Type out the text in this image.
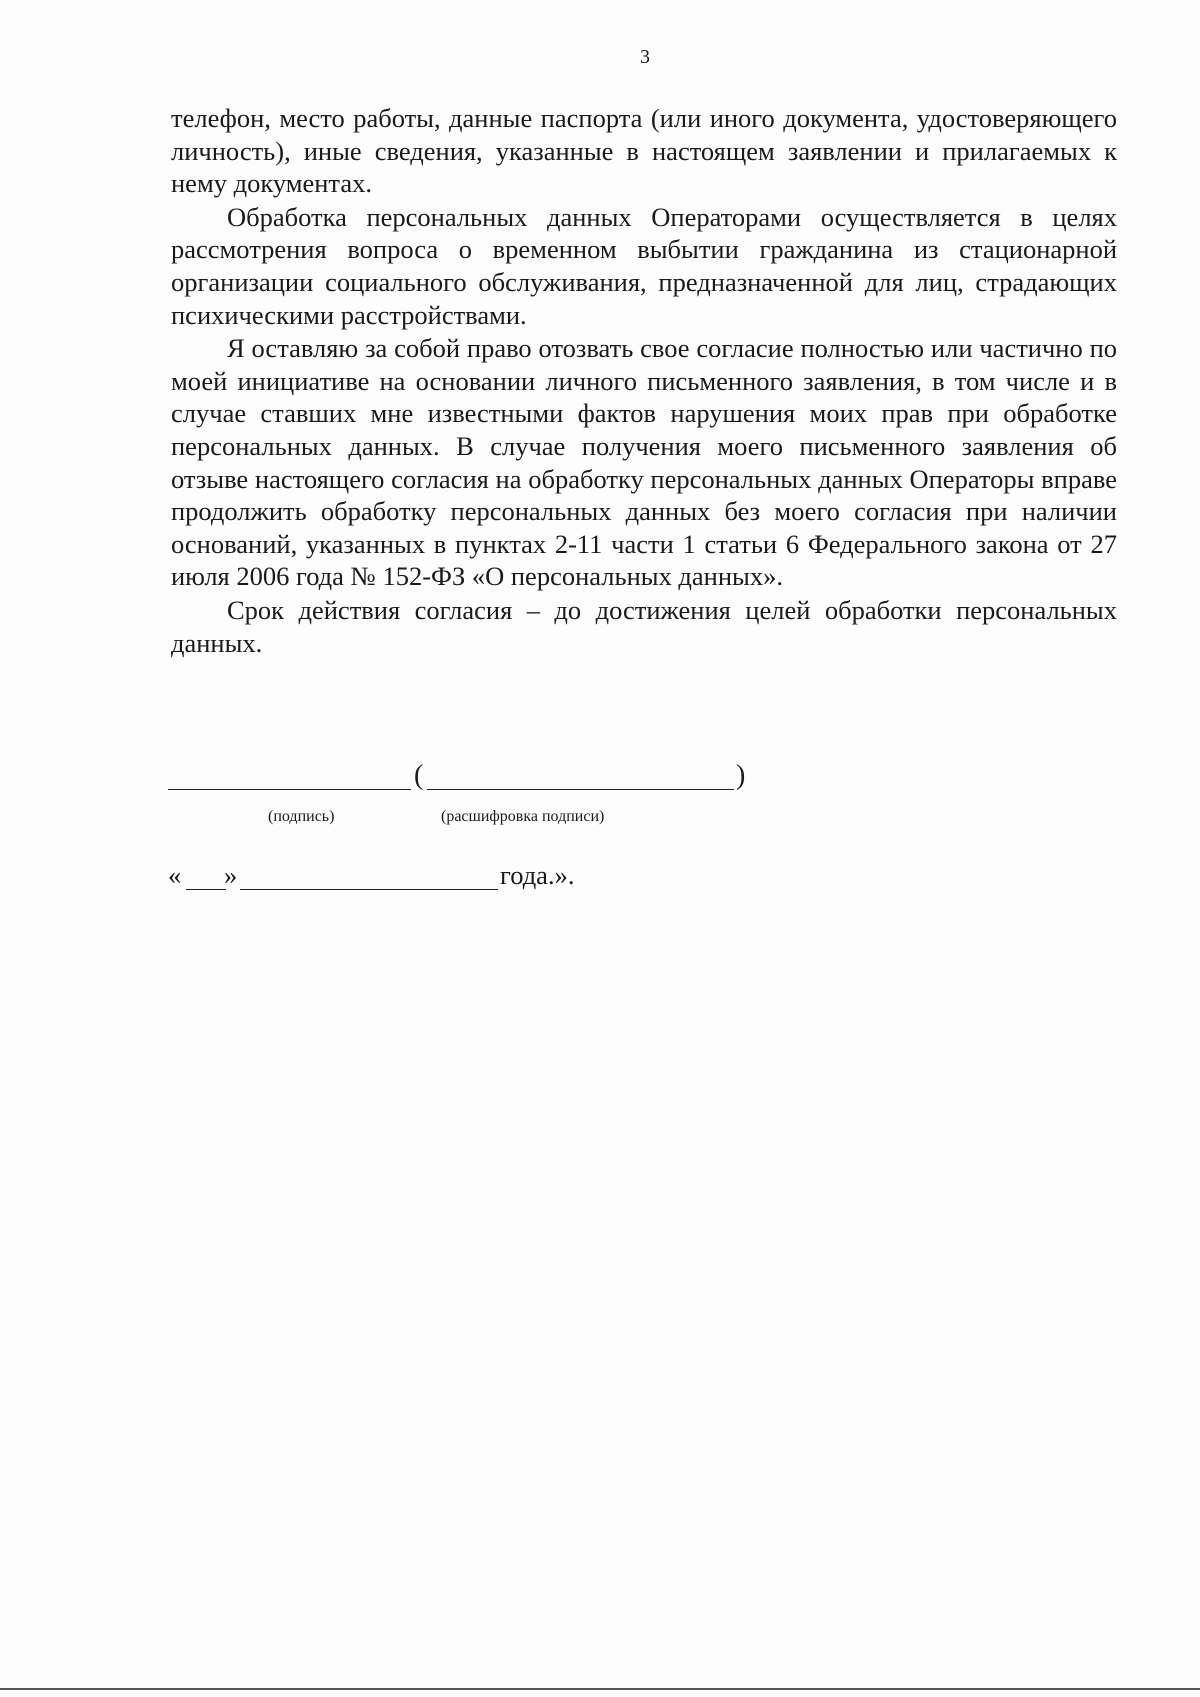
3

телефон, место работы, данные паспорта (или иного документа, удостоверяющего личность), иные сведения, указанные в настоящем заявлении и прилагаемых к нему документах.

Обработка персональных данных Операторами осуществляется в целях рассмотрения вопроса о временном выбытии гражданина из стационарной организации социального обслуживания, предназначенной для лиц, страдающих психическими расстройствами.

Я оставляю за собой право отозвать свое согласие полностью или частично по моей инициативе на основании личного письменного заявления, в том числе и в случае ставших мне известными фактов нарушения моих прав при обработке персональных данных. В случае получения моего письменного заявления об отзыве настоящего согласия на обработку персональных данных Операторы вправе продолжить обработку персональных данных без моего согласия при наличии оснований, указанных в пунктах 2-11 части 1 статьи 6 Федерального закона от 27 июля 2006 года № 152-ФЗ «О персональных данных».

Срок действия согласия – до достижения целей обработки персональных данных.

(	)
(подпись)	(расшифровка подписи)
« »	года.».
